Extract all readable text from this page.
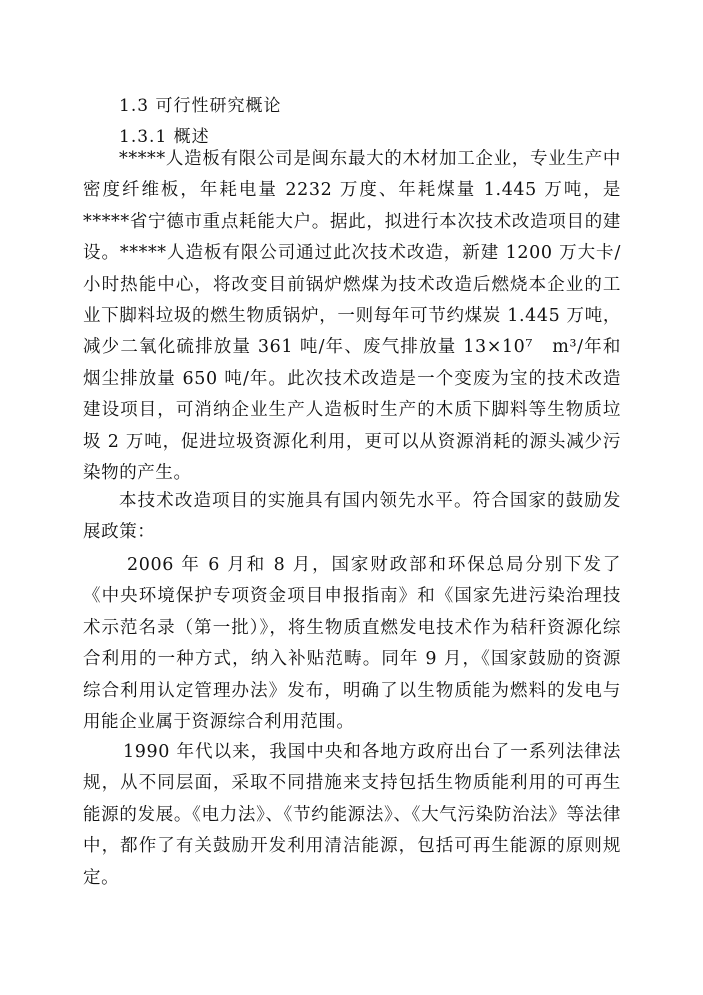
1.3 可行性研究概论
1.3.1 概述

*****人造板有限公司是闽东最大的木材加工企业，专业生产中密度纤维板，年耗电量 2232 万度、年耗煤量 1.445 万吨，是*****省宁德市重点耗能大户。据此，拟进行本次技术改造项目的建设。*****人造板有限公司通过此次技术改造，新建 1200 万大卡/小时热能中心，将改变目前锅炉燃煤为技术改造后燃烧本企业的工业下脚料垃圾的燃生物质锅炉，一则每年可节约煤炭 1.445 万吨，减少二氧化硫排放量 361 吨/年、废气排放量 13×10⁷　m³/年和烟尘排放量 650 吨/年。此次技术改造是一个变废为宝的技术改造建设项目，可消纳企业生产人造板时生产的木质下脚料等生物质垃圾 2 万吨，促进垃圾资源化利用，更可以从资源消耗的源头减少污染物的产生。

本技术改造项目的实施具有国内领先水平。符合国家的鼓励发展政策：

2006 年 6 月和 8 月，国家财政部和环保总局分别下发了《中央环境保护专项资金项目申报指南》和《国家先进污染治理技术示范名录（第一批）》，将生物质直燃发电技术作为秸秆资源化综合利用的一种方式，纳入补贴范畴。同年 9 月，《国家鼓励的资源综合利用认定管理办法》发布，明确了以生物质能为燃料的发电与用能企业属于资源综合利用范围。

1990 年代以来，我国中央和各地方政府出台了一系列法律法规，从不同层面，采取不同措施来支持包括生物质能利用的可再生能源的发展。《电力法》、《节约能源法》、《大气污染防治法》等法律中，都作了有关鼓励开发利用清洁能源，包括可再生能源的原则规定。
